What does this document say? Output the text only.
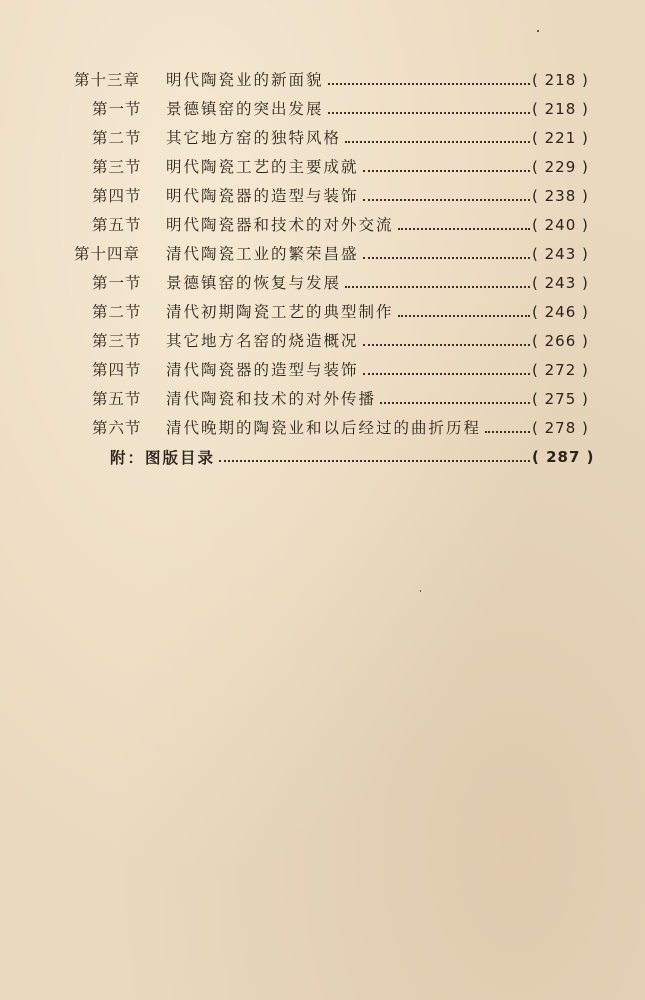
第十三章 明代陶瓷业的新面貌	( 218 )
第一节 景德镇窑的突出发展	( 218 )
第二节 其它地方窑的独特风格	( 221 )
第三节 明代陶瓷工艺的主要成就	( 229 )
第四节 明代陶瓷器的造型与装饰	( 238 )
第五节 明代陶瓷器和技术的对外交流	( 240 )
第十四章 清代陶瓷工业的繁荣昌盛	( 243 )
第一节 景德镇窑的恢复与发展	( 243 )
第二节 清代初期陶瓷工艺的典型制作	( 246 )
第三节 其它地方名窑的烧造概况	( 266 )
第四节 清代陶瓷器的造型与装饰	( 272 )
第五节 清代陶瓷和技术的对外传播	( 275 )
第六节 清代晚期的陶瓷业和以后经过的曲折历程	( 278 )
附：图版目录	( 287 )
